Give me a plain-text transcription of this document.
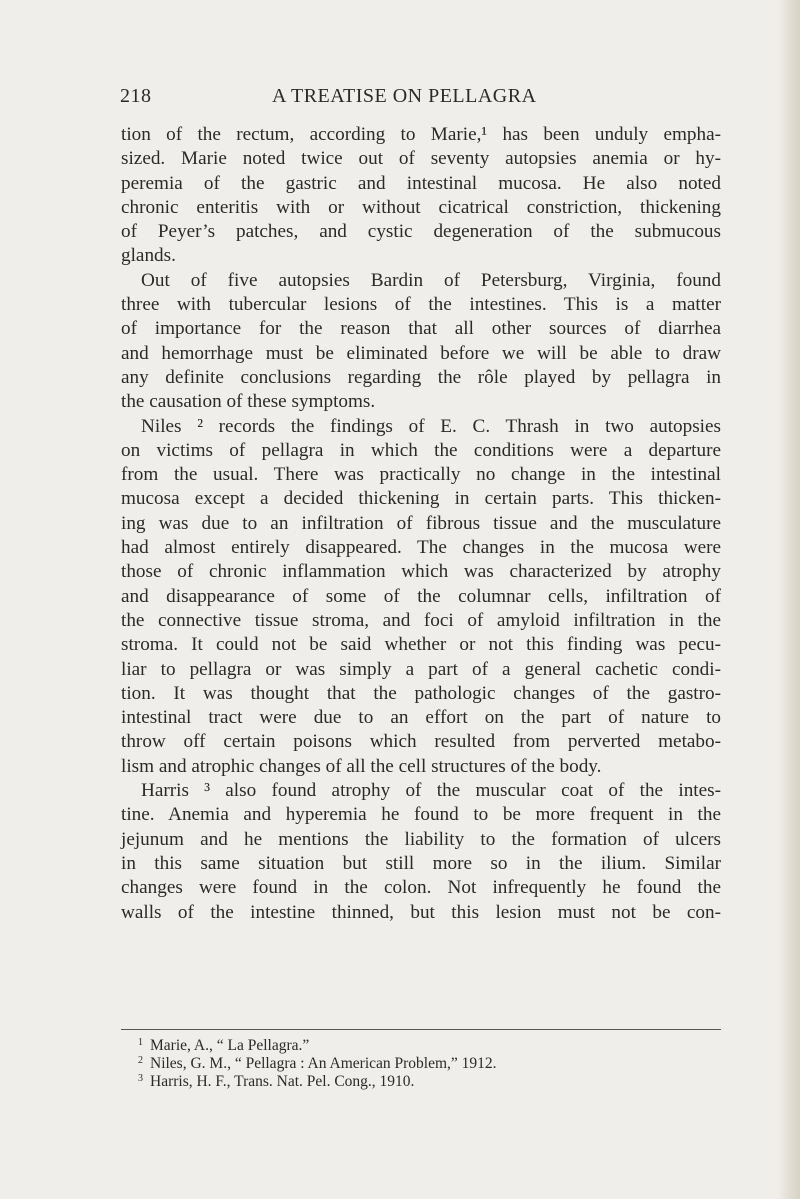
218	A TREATISE ON PELLAGRA
tion of the rectum, according to Marie,¹ has been unduly empha-
sized. Marie noted twice out of seventy autopsies anemia or hy-
peremia of the gastric and intestinal mucosa. He also noted
chronic enteritis with or without cicatrical constriction, thickening
of Peyer’s patches, and cystic degeneration of the submucous
glands.
Out of five autopsies Bardin of Petersburg, Virginia, found
three with tubercular lesions of the intestines. This is a matter
of importance for the reason that all other sources of diarrhea
and hemorrhage must be eliminated before we will be able to draw
any definite conclusions regarding the rôle played by pellagra in
the causation of these symptoms.
Niles ² records the findings of E. C. Thrash in two autopsies
on victims of pellagra in which the conditions were a departure
from the usual. There was practically no change in the intestinal
mucosa except a decided thickening in certain parts. This thicken-
ing was due to an infiltration of fibrous tissue and the musculature
had almost entirely disappeared. The changes in the mucosa were
those of chronic inflammation which was characterized by atrophy
and disappearance of some of the columnar cells, infiltration of
the connective tissue stroma, and foci of amyloid infiltration in the
stroma. It could not be said whether or not this finding was pecu-
liar to pellagra or was simply a part of a general cachetic condi-
tion. It was thought that the pathologic changes of the gastro-
intestinal tract were due to an effort on the part of nature to
throw off certain poisons which resulted from perverted metabo-
lism and atrophic changes of all the cell structures of the body.
Harris ³ also found atrophy of the muscular coat of the intes-
tine. Anemia and hyperemia he found to be more frequent in the
jejunum and he mentions the liability to the formation of ulcers
in this same situation but still more so in the ilium. Similar
changes were found in the colon. Not infrequently he found the
walls of the intestine thinned, but this lesion must not be con-
1 Marie, A., “ La Pellagra.”
2 Niles, G. M., “ Pellagra : An American Problem,” 1912.
3 Harris, H. F., Trans. Nat. Pel. Cong., 1910.
